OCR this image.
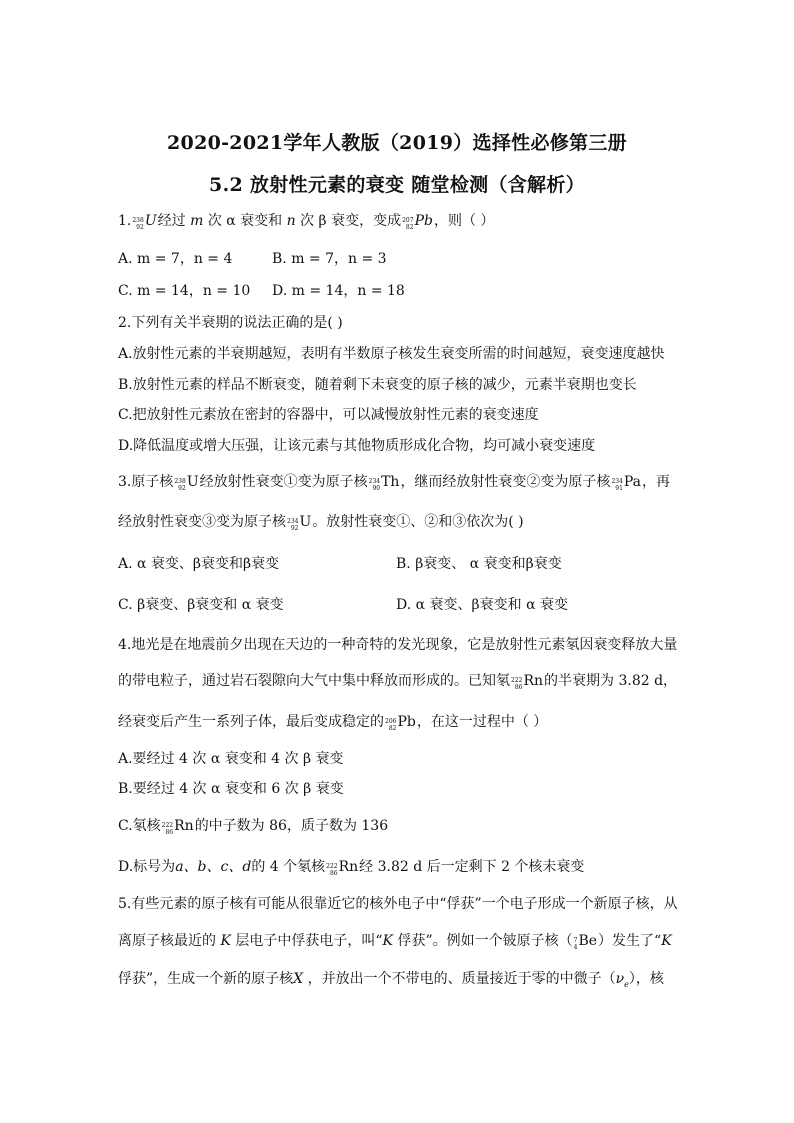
2020-2021学年人教版（2019）选择性必修第三册
5.2 放射性元素的衰变 随堂检测（含解析）
1. 238
92 U经过 m 次 α 衰变和 n 次 β 衰变，变成 207
82 Pb，则（ ）
A. m = 7，n = 4	B. m = 7，n = 3
C. m = 14，n = 10 D. m = 14，n = 18
2.下列有关半衰期的说法正确的是( )
A.放射性元素的半衰期越短，表明有半数原子核发生衰变所需的时间越短，衰变速度越快
B.放射性元素的样品不断衰变，随着剩下未衰变的原子核的减少，元素半衰期也变长
C.把放射性元素放在密封的容器中，可以减慢放射性元素的衰变速度
D.降低温度或增大压强，让该元素与其他物质形成化合物，均可减小衰变速度
3.原子核 238
92 U经放射性衰变①变为原子核 234
90 Th，继而经放射性衰变②变为原子核 234
91 Pa，再
经放射性衰变③变为原子核 234
92 U。放射性衰变①、②和③依次为( )
A. α 衰变、β衰变和β衰变	B. β衰变、 α 衰变和β衰变
C. β衰变、β衰变和 α 衰变	D. α 衰变、β衰变和 α 衰变
4.地光是在地震前夕出现在天边的一种奇特的发光现象，它是放射性元素氡因衰变释放大量
的带电粒子，通过岩石裂隙向大气中集中释放而形成的。已知氡 222
86 Rn的半衰期为 3.82 d，
经衰变后产生一系列子体，最后变成稳定的 206
82 Pb，在这一过程中（ ）
A.要经过 4 次 α 衰变和 4 次 β 衰变
B.要经过 4 次 α 衰变和 6 次 β 衰变
C.氡核 222
86 Rn的中子数为 86，质子数为 136
D.标号为a、b、c、d的 4 个氡核 222
86 Rn经 3.82 d 后一定剩下 2 个核未衰变
5.有些元素的原子核有可能从很靠近它的核外电子中“俘获”一个电子形成一个新原子核，从
离原子核最近的 K 层电子中俘获电子，叫“K 俘获”。例如一个铍原子核（ 7
4 Be）发生了“K
俘获”，生成一个新的原子核X ，并放出一个不带电的、质量接近于零的中微子$(\nu_e)$，核
